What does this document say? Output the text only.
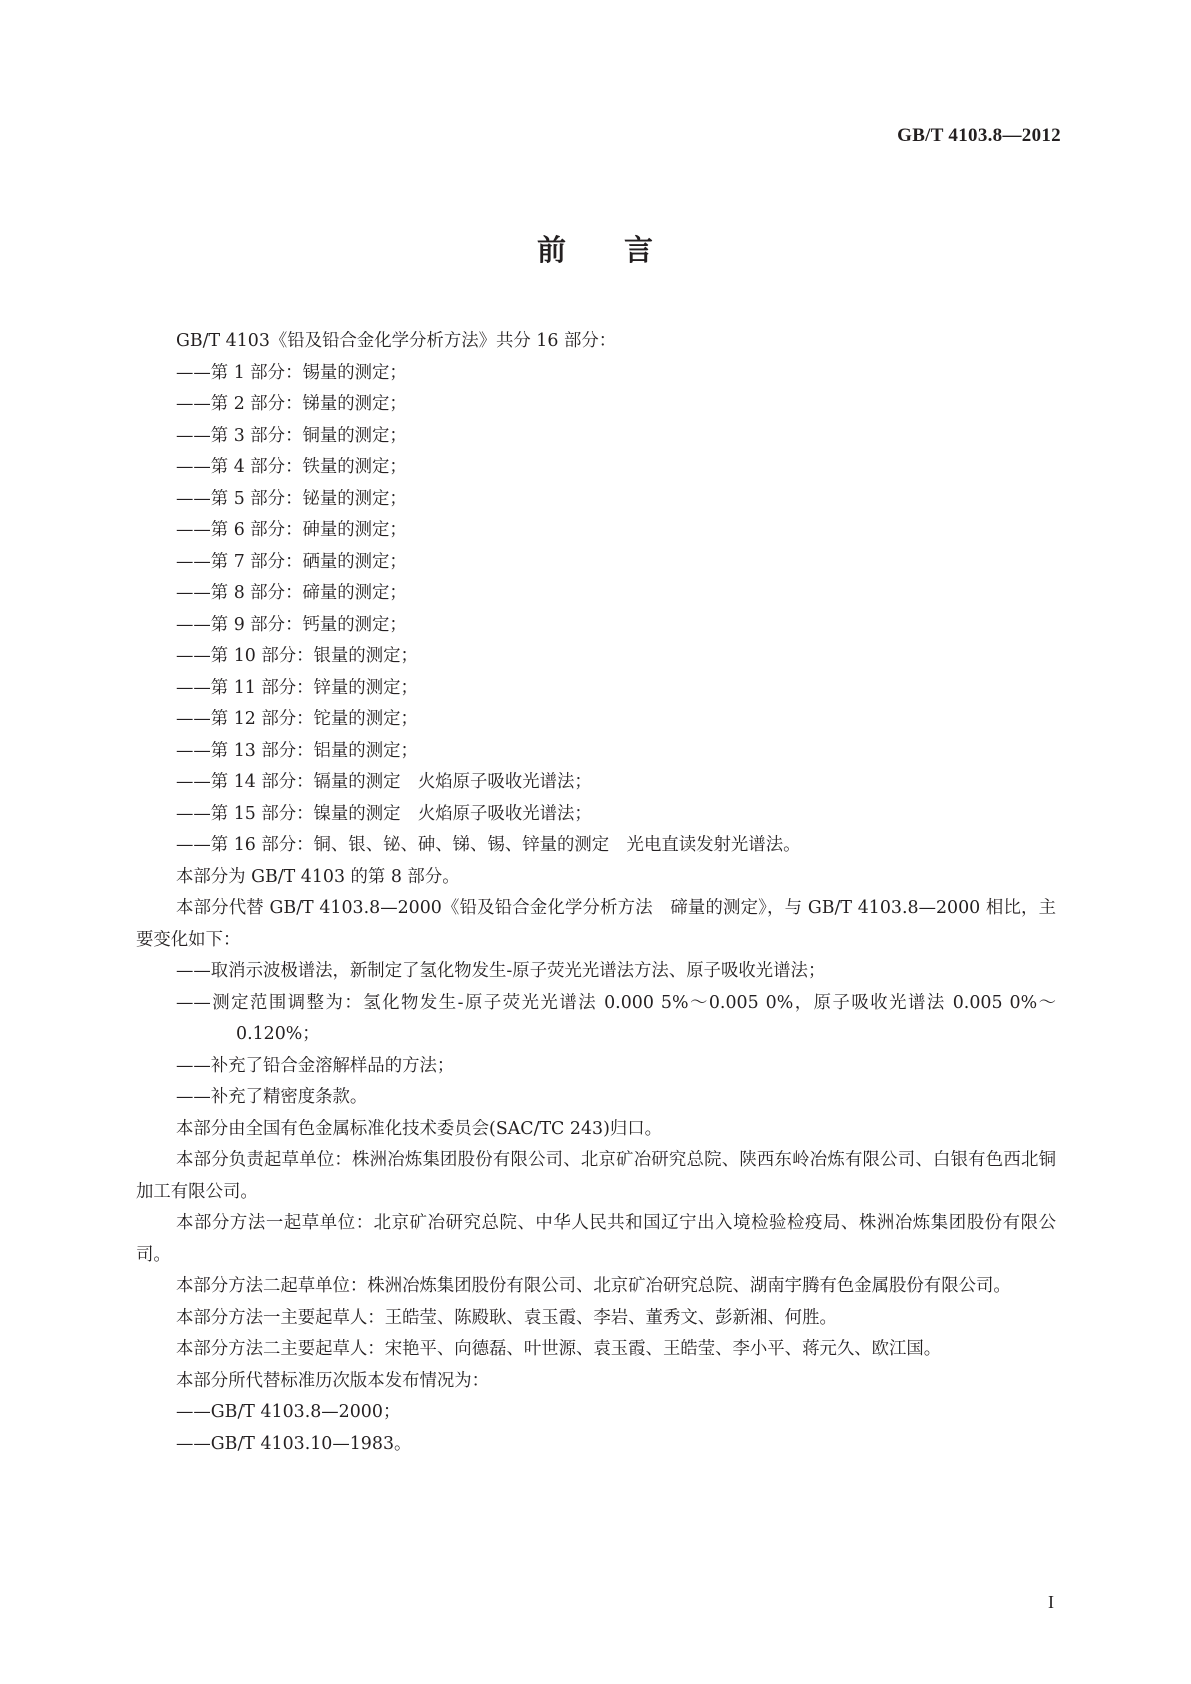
GB/T 4103.8—2012
前 言
GB/T 4103《铅及铅合金化学分析方法》共分 16 部分：
——第 1 部分：锡量的测定；
——第 2 部分：锑量的测定；
——第 3 部分：铜量的测定；
——第 4 部分：铁量的测定；
——第 5 部分：铋量的测定；
——第 6 部分：砷量的测定；
——第 7 部分：硒量的测定；
——第 8 部分：碲量的测定；
——第 9 部分：钙量的测定；
——第 10 部分：银量的测定；
——第 11 部分：锌量的测定；
——第 12 部分：铊量的测定；
——第 13 部分：铝量的测定；
——第 14 部分：镉量的测定　火焰原子吸收光谱法；
——第 15 部分：镍量的测定　火焰原子吸收光谱法；
——第 16 部分：铜、银、铋、砷、锑、锡、锌量的测定　光电直读发射光谱法。
本部分为 GB/T 4103 的第 8 部分。
本部分代替 GB/T 4103.8—2000《铅及铅合金化学分析方法　碲量的测定》，与 GB/T 4103.8—2000 相比，主要变化如下：
——取消示波极谱法，新制定了氢化物发生-原子荧光光谱法方法、原子吸收光谱法；
——测定范围调整为：氢化物发生-原子荧光光谱法 0.000 5%～0.005 0%，原子吸收光谱法 0.005 0%～0.120%；
——补充了铅合金溶解样品的方法；
——补充了精密度条款。
本部分由全国有色金属标准化技术委员会(SAC/TC 243)归口。
本部分负责起草单位：株洲冶炼集团股份有限公司、北京矿冶研究总院、陕西东岭冶炼有限公司、白银有色西北铜加工有限公司。
本部分方法一起草单位：北京矿冶研究总院、中华人民共和国辽宁出入境检验检疫局、株洲冶炼集团股份有限公司。
本部分方法二起草单位：株洲冶炼集团股份有限公司、北京矿冶研究总院、湖南宇腾有色金属股份有限公司。
本部分方法一主要起草人：王皓莹、陈殿耿、袁玉霞、李岩、董秀文、彭新湘、何胜。
本部分方法二主要起草人：宋艳平、向德磊、叶世源、袁玉霞、王皓莹、李小平、蒋元久、欧江国。
本部分所代替标准历次版本发布情况为：
——GB/T 4103.8—2000；
——GB/T 4103.10—1983。
I
